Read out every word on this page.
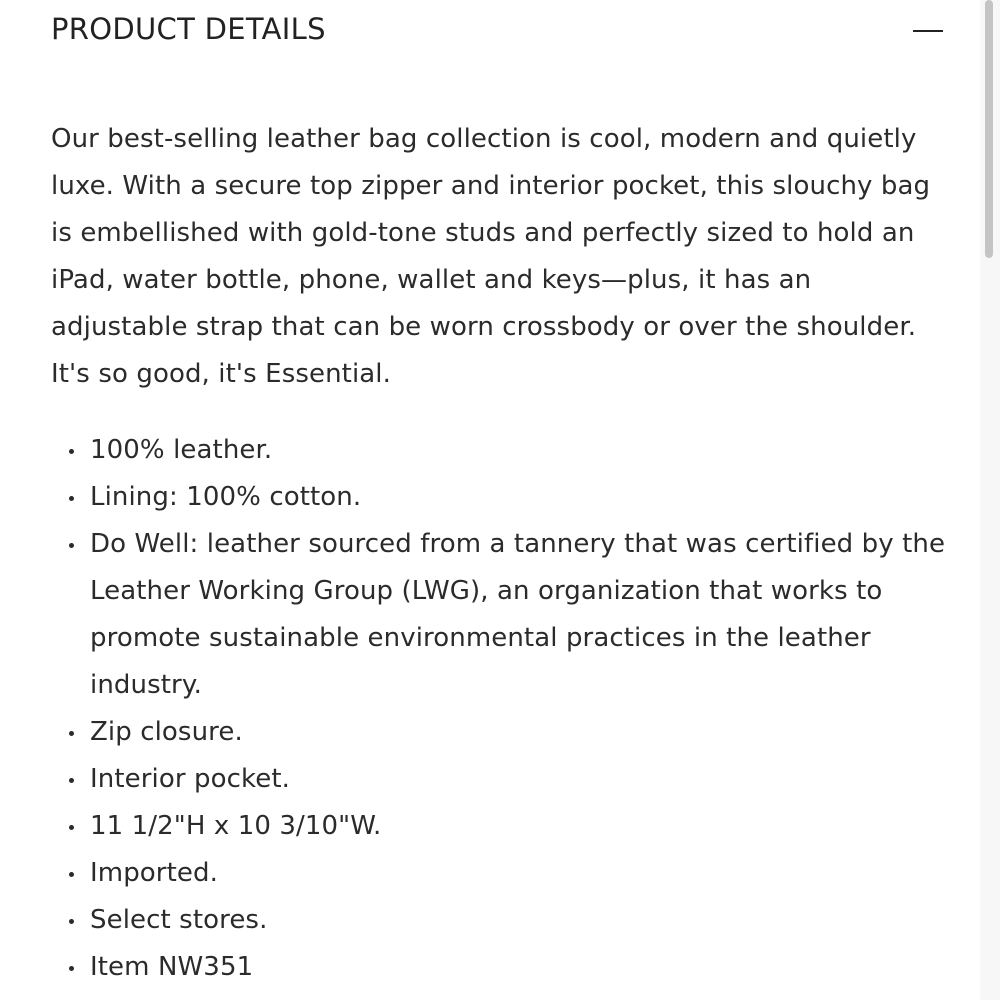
PRODUCT DETAILS

Our best-selling leather bag collection is cool, modern and quietly luxe. With a secure top zipper and interior pocket, this slouchy bag is embellished with gold-tone studs and perfectly sized to hold an iPad, water bottle, phone, wallet and keys—plus, it has an adjustable strap that can be worn crossbody or over the shoulder. It's so good, it's Essential.

100% leather.
Lining: 100% cotton.
Do Well: leather sourced from a tannery that was certified by the Leather Working Group (LWG), an organization that works to promote sustainable environmental practices in the leather industry.
Zip closure.
Interior pocket.
11 1/2"H x 10 3/10"W.
Imported.
Select stores.
Item NW351
